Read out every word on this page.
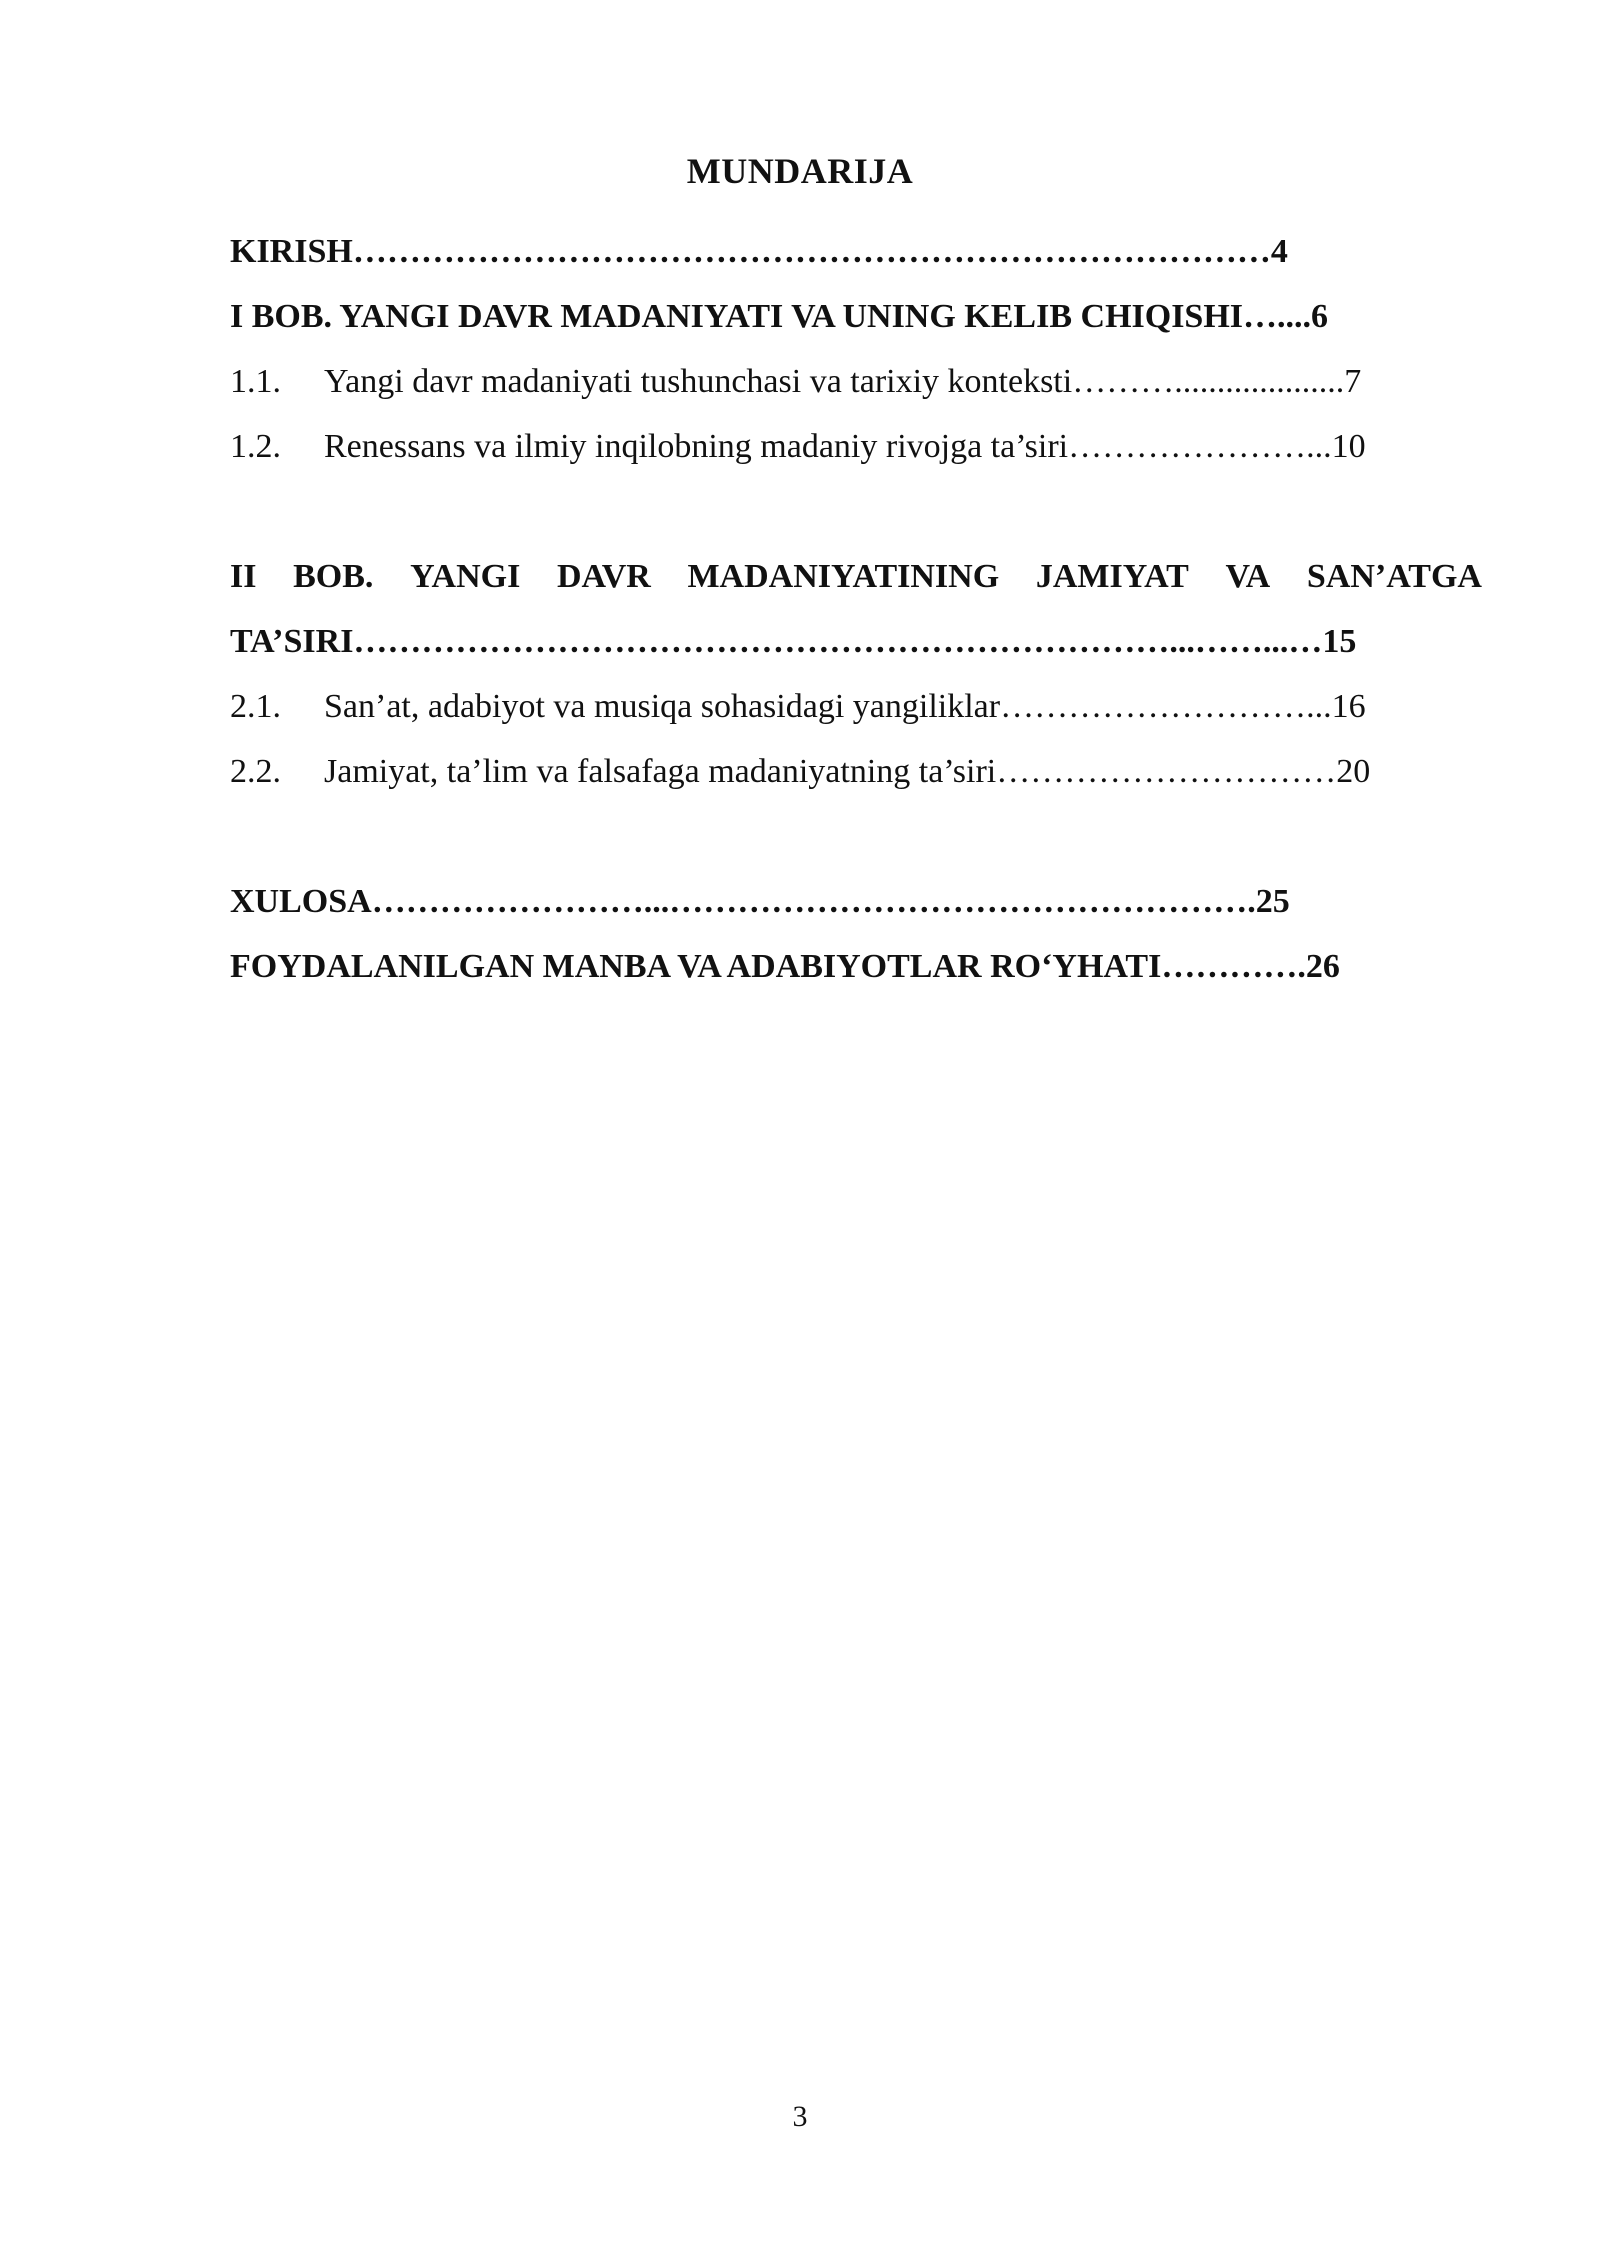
MUNDARIJA
KIRISH………………………………………………………………………4
I BOB. YANGI DAVR MADANIYATI VA UNING KELIB CHIQISHI…....6
1.1. Yangi davr madaniyati tushunchasi va tarixiy konteksti………....................7
1.2. Renessans va ilmiy inqilobning madaniy rivojga ta’siri…………………...10
II BOB. YANGI DAVR MADANIYATINING JAMIYAT VA SAN’ATGA
TA’SIRI………………………………………………………………...……...…15
2.1. San’at, adabiyot va musiqa sohasidagi yangiliklar………………………...16
2.2. Jamiyat, ta’lim va falsafaga madaniyatning ta’siri…………………………20
XULOSA……………………...…………………………………………….25
FOYDALANILGAN MANBA VA ADABIYOTLAR RO‘YHATI………….26
3
